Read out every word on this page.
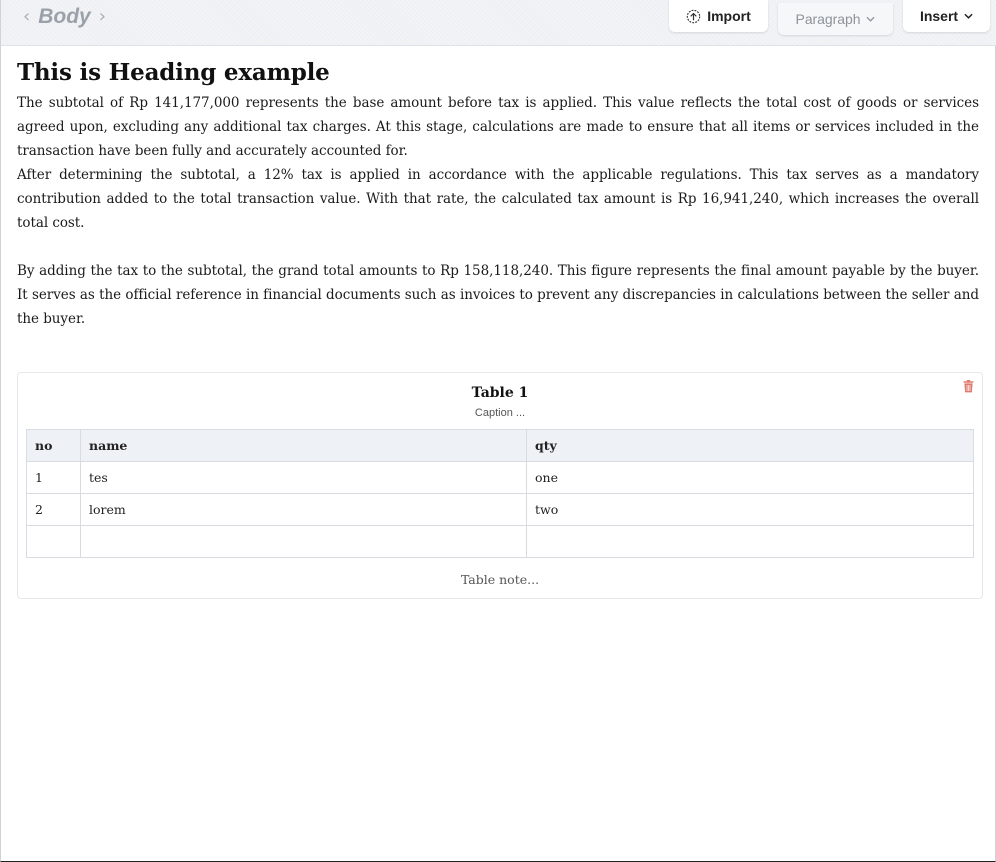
‹ Body ›	Import	Paragraph	Insert
This is Heading example

The subtotal of Rp 141,177,000 represents the base amount before tax is applied. This value reflects the total cost of goods or services agreed upon, excluding any additional tax charges. At this stage, calculations are made to ensure that all items or services included in the transaction have been fully and accurately accounted for.

After determining the subtotal, a 12% tax is applied in accordance with the applicable regulations. This tax serves as a mandatory contribution added to the total transaction value. With that rate, the calculated tax amount is Rp 16,941,240, which increases the overall total cost.

By adding the tax to the subtotal, the grand total amounts to Rp 158,118,240. This figure represents the final amount payable by the buyer. It serves as the official reference in financial documents such as invoices to prevent any discrepancies in calculations between the seller and the buyer.

Table 1
Caption ...
no	name	qty
1	tes	one
2	lorem	two

Table note...
